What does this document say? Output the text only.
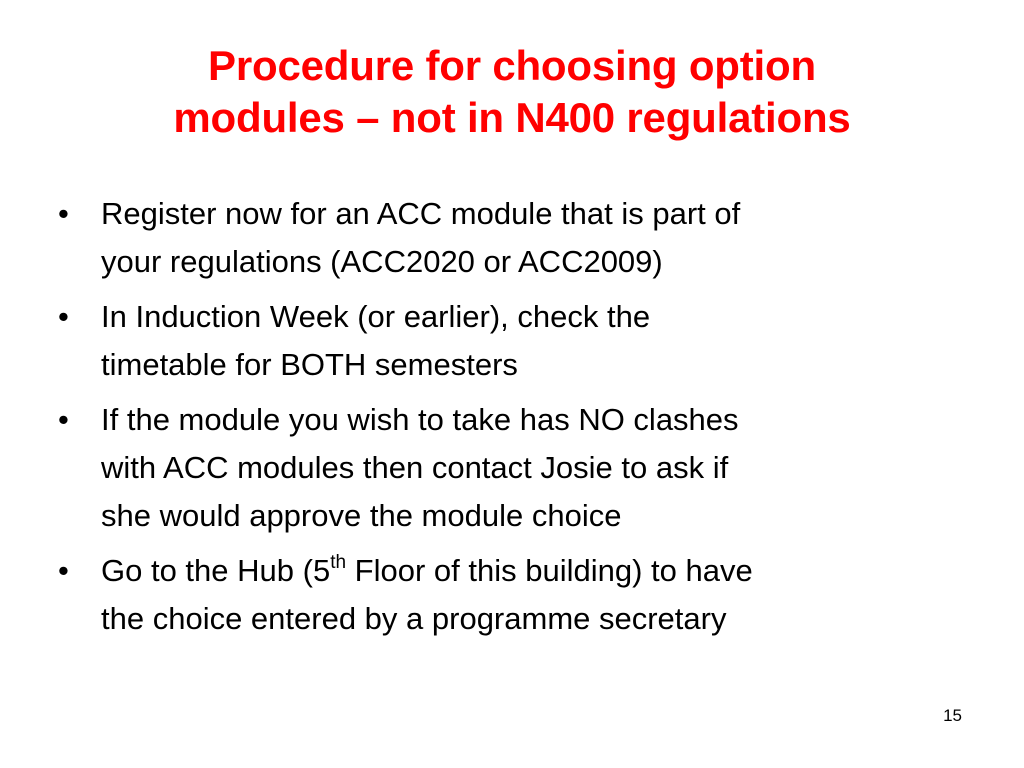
Procedure for choosing option
modules – not in N400 regulations
• Register now for an ACC module that is part of
your regulations (ACC2020 or ACC2009)
• In Induction Week (or earlier), check the
timetable for BOTH semesters
• If the module you wish to take has NO clashes
with ACC modules then contact Josie to ask if
she would approve the module choice
• Go to the Hub (5th Floor of this building) to have
the choice entered by a programme secretary
15
